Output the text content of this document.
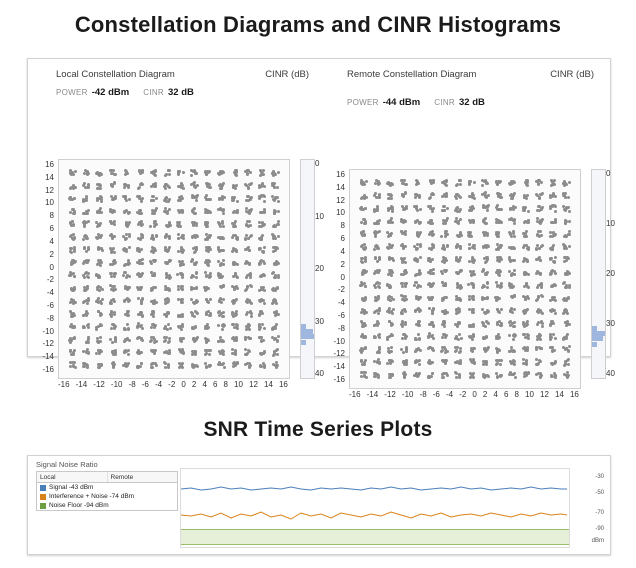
Constellation Diagrams and CINR Histograms
Local Constellation Diagram	CINR (dB)
POWER -42 dBm CINR 32 dB
16
14
12
10
8
6
4
2
0
-2
-4
-6
-8
-10
-12
-14
-16
-16 -14 -12 -10 -8 -6 -4 -2 0 2 4 6 8 10 12 14 16
0
10
20
30
40
Remote Constellation Diagram	CINR (dB)
POWER -44 dBm CINR 32 dB
16
14
12
10
8
6
4
2
0
-2
-4
-6
-8
-10
-12
-14
-16
-16 -14 -12 -10 -8 -6 -4 -2 0 2 4 6 8 10 12 14 16
0
10
20
30
40
SNR Time Series Plots
Signal Noise Ratio
Local	Remote
Signal -43 dBm
Interference + Noise -74 dBm
Noise Floor -94 dBm
-30
-50
-70
-90
dBm
